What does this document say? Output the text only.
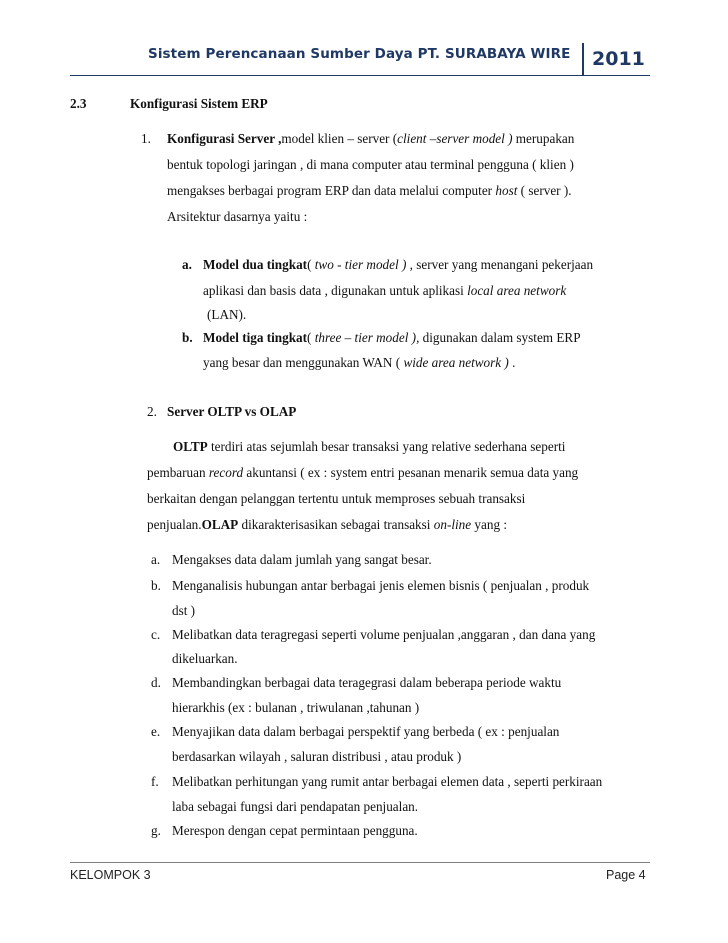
Sistem Perencanaan Sumber Daya PT. SURABAYA WIRE	2011
2.3	Konfigurasi Sistem ERP
1. Konfigurasi Server ,model klien – server (client –server model ) merupakan
bentuk topologi jaringan , di mana computer atau terminal pengguna ( klien )
mengakses berbagai program ERP dan data melalui computer host ( server ).
Arsitektur dasarnya yaitu :
a. Model dua tingkat( two - tier model ) , server yang menangani pekerjaan
aplikasi dan basis data , digunakan untuk aplikasi local area network
(LAN).
b. Model tiga tingkat( three – tier model ), digunakan dalam system ERP
yang besar dan menggunakan WAN ( wide area network ) .
2. Server OLTP vs OLAP
OLTP terdiri atas sejumlah besar transaksi yang relative sederhana seperti
pembaruan record akuntansi ( ex : system entri pesanan menarik semua data yang
berkaitan dengan pelanggan tertentu untuk memproses sebuah transaksi
penjualan.OLAP dikarakterisasikan sebagai transaksi on-line yang :
a. Mengakses data dalam jumlah yang sangat besar.
b. Menganalisis hubungan antar berbagai jenis elemen bisnis ( penjualan , produk
dst )
c. Melibatkan data teragregasi seperti volume penjualan ,anggaran , dan dana yang
dikeluarkan.
d. Membandingkan berbagai data teragegrasi dalam beberapa periode waktu
hierarkhis (ex : bulanan , triwulanan ,tahunan )
e. Menyajikan data dalam berbagai perspektif yang berbeda ( ex : penjualan
berdasarkan wilayah , saluran distribusi , atau produk )
f. Melibatkan perhitungan yang rumit antar berbagai elemen data , seperti perkiraan
laba sebagai fungsi dari pendapatan penjualan.
g. Merespon dengan cepat permintaan pengguna.
KELOMPOK 3	Page 4
